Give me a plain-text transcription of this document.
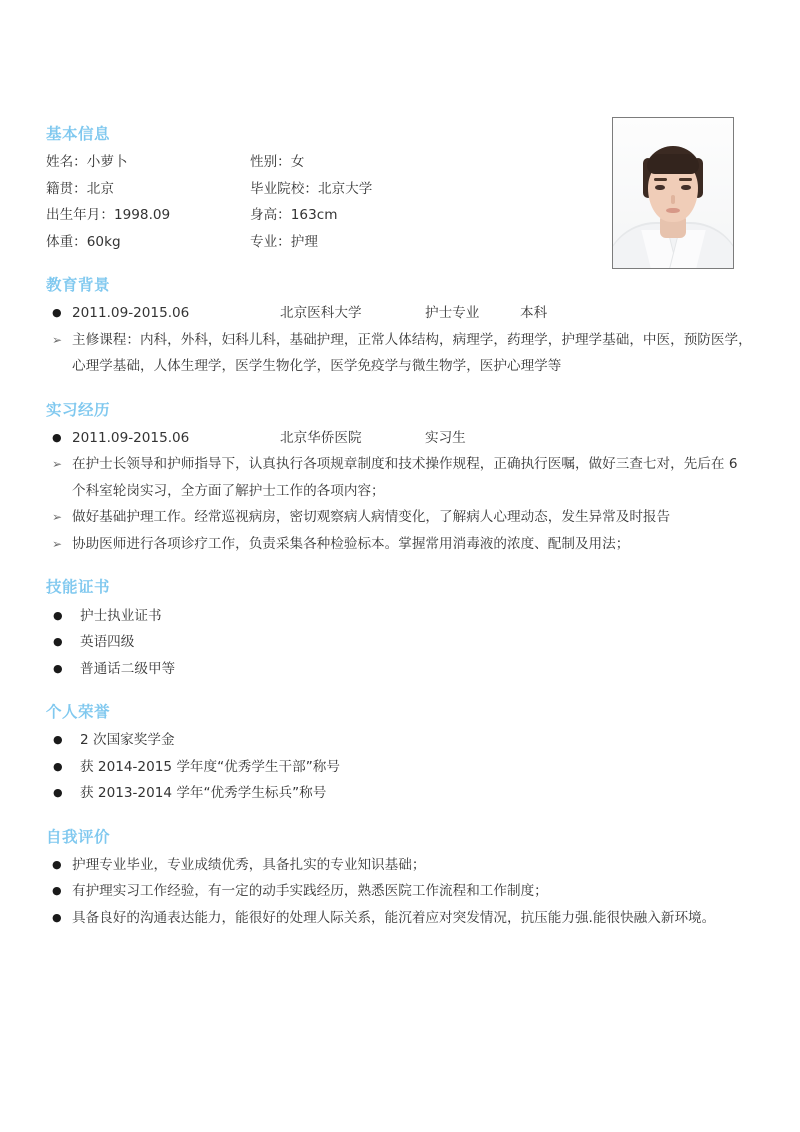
基本信息
姓名：小萝卜	性别：女
籍贯：北京	毕业院校：北京大学
出生年月：1998.09	身高：163cm
体重：60kg	专业：护理
教育背景
● 2011.09-2015.06	北京医科大学	护士专业	本科
➢ 主修课程：内科，外科，妇科儿科，基础护理，正常人体结构，病理学，药理学，护理学基础，中医，预防医学，心理学基础，人体生理学，医学生物化学，医学免疫学与微生物学，医护心理学等
实习经历
● 2011.09-2015.06	北京华侨医院	实习生
➢ 在护士长领导和护师指导下，认真执行各项规章制度和技术操作规程，正确执行医嘱，做好三查七对，先后在 6 个科室轮岗实习，全方面了解护士工作的各项内容；
➢ 做好基础护理工作。经常巡视病房，密切观察病人病情变化，了解病人心理动态，发生异常及时报告
➢ 协助医师进行各项诊疗工作，负责采集各种检验标本。掌握常用消毒液的浓度、配制及用法；
技能证书
●	护士执业证书
●	英语四级
●	普通话二级甲等
个人荣誉
●	2 次国家奖学金
●	获 2014-2015 学年度“优秀学生干部”称号
●	获 2013-2014 学年“优秀学生标兵”称号
自我评价
● 护理专业毕业，专业成绩优秀，具备扎实的专业知识基础；
● 有护理实习工作经验，有一定的动手实践经历，熟悉医院工作流程和工作制度；
● 具备良好的沟通表达能力，能很好的处理人际关系，能沉着应对突发情况，抗压能力强.能很快融入新环境。
